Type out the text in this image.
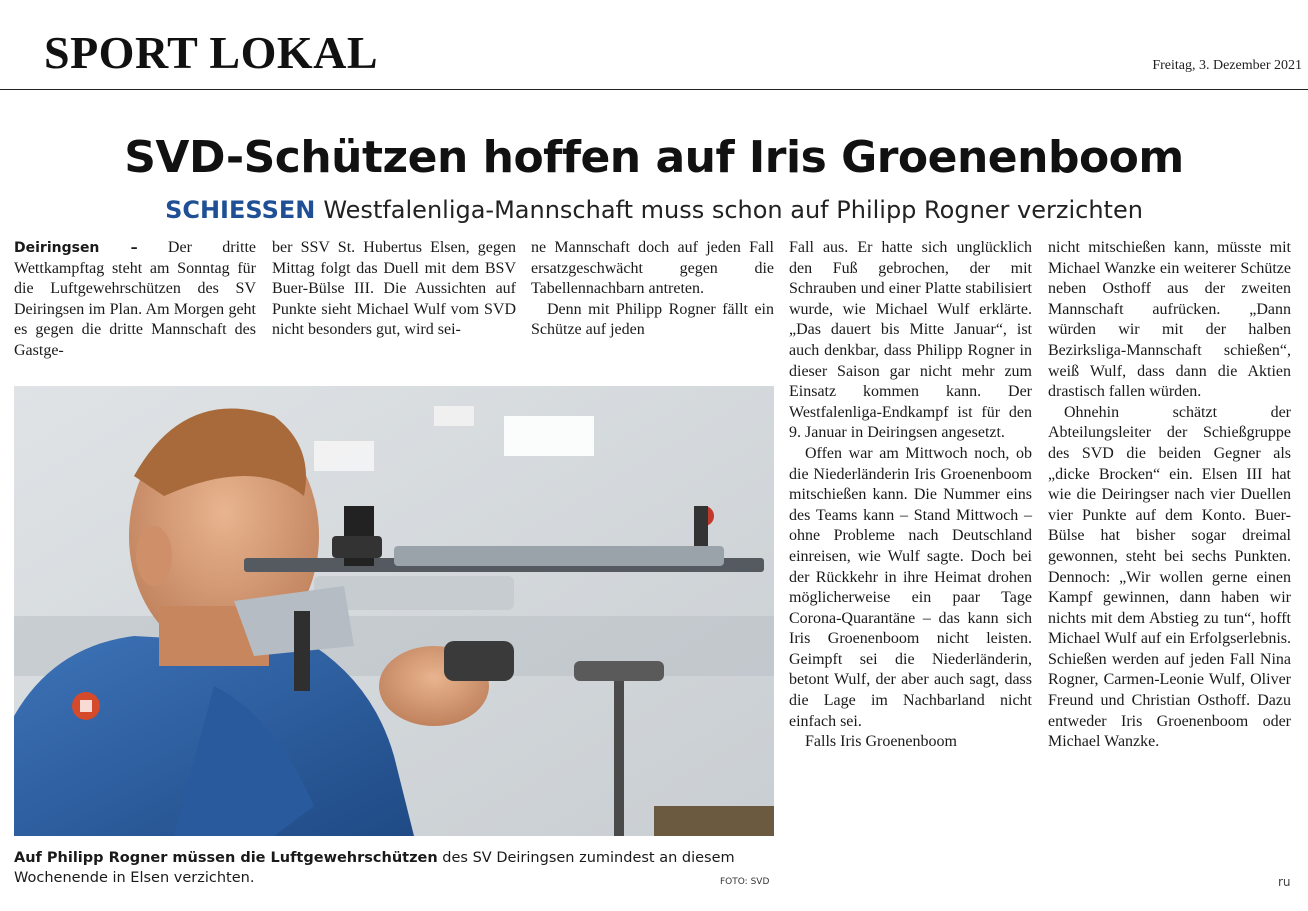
SPORT LOKAL	Freitag, 3. Dezember 2021
SVD-Schützen hoffen auf Iris Groenenboom
SCHIESSEN Westfalenliga-Mannschaft muss schon auf Philipp Rogner verzichten

Deiringsen – Der dritte Wettkampftag steht am Sonntag für die Luftgewehrschützen des SV Deiringsen im Plan. Am Morgen geht es gegen die dritte Mannschaft des Gastge-

ber SSV St. Hubertus Elsen, gegen Mittag folgt das Duell mit dem BSV Buer-Bülse III. Die Aussichten auf Punkte sieht Michael Wulf vom SVD nicht besonders gut, wird sei-

ne Mannschaft doch auf jeden Fall ersatzgeschwächt gegen die Tabellennachbarn antreten.

Denn mit Philipp Rogner fällt ein Schütze auf jeden

Fall aus. Er hatte sich unglücklich den Fuß gebrochen, der mit Schrauben und einer Platte stabilisiert wurde, wie Michael Wulf erklärte. „Das dauert bis Mitte Januar“, ist auch denkbar, dass Philipp Rogner in dieser Saison gar nicht mehr zum Einsatz kommen kann. Der Westfalenliga-Endkampf ist für den 9. Januar in Deiringsen angesetzt.

Offen war am Mittwoch noch, ob die Niederländerin Iris Groenenboom mitschießen kann. Die Nummer eins des Teams kann – Stand Mittwoch – ohne Probleme nach Deutschland einreisen, wie Wulf sagte. Doch bei der Rückkehr in ihre Heimat drohen möglicherweise ein paar Tage Corona-Quarantäne – das kann sich Iris Groenenboom nicht leisten. Geimpft sei die Niederländerin, betont Wulf, der aber auch sagt, dass die Lage im Nachbarland nicht einfach sei.

Falls Iris Groenenboom

nicht mitschießen kann, müsste mit Michael Wanzke ein weiterer Schütze neben Osthoff aus der zweiten Mannschaft aufrücken. „Dann würden wir mit der halben Bezirksliga-Mannschaft schießen“, weiß Wulf, dass dann die Aktien drastisch fallen würden.

Ohnehin schätzt der Abteilungsleiter der Schießgruppe des SVD die beiden Gegner als „dicke Brocken“ ein. Elsen III hat wie die Deiringser nach vier Duellen vier Punkte auf dem Konto. Buer-Bülse hat bisher sogar dreimal gewonnen, steht bei sechs Punkten. Dennoch: „Wir wollen gerne einen Kampf gewinnen, dann haben wir nichts mit dem Abstieg zu tun“, hofft Michael Wulf auf ein Erfolgserlebnis. Schießen werden auf jeden Fall Nina Rogner, Carmen-Leonie Wulf, Oliver Freund und Christian Osthoff. Dazu entweder Iris Groenenboom oder Michael Wanzke.

Auf Philipp Rogner müssen die Luftgewehrschützen des SV Deiringsen zumindest an diesem Wochenende in Elsen verzichten.	FOTO: SVD	ru
